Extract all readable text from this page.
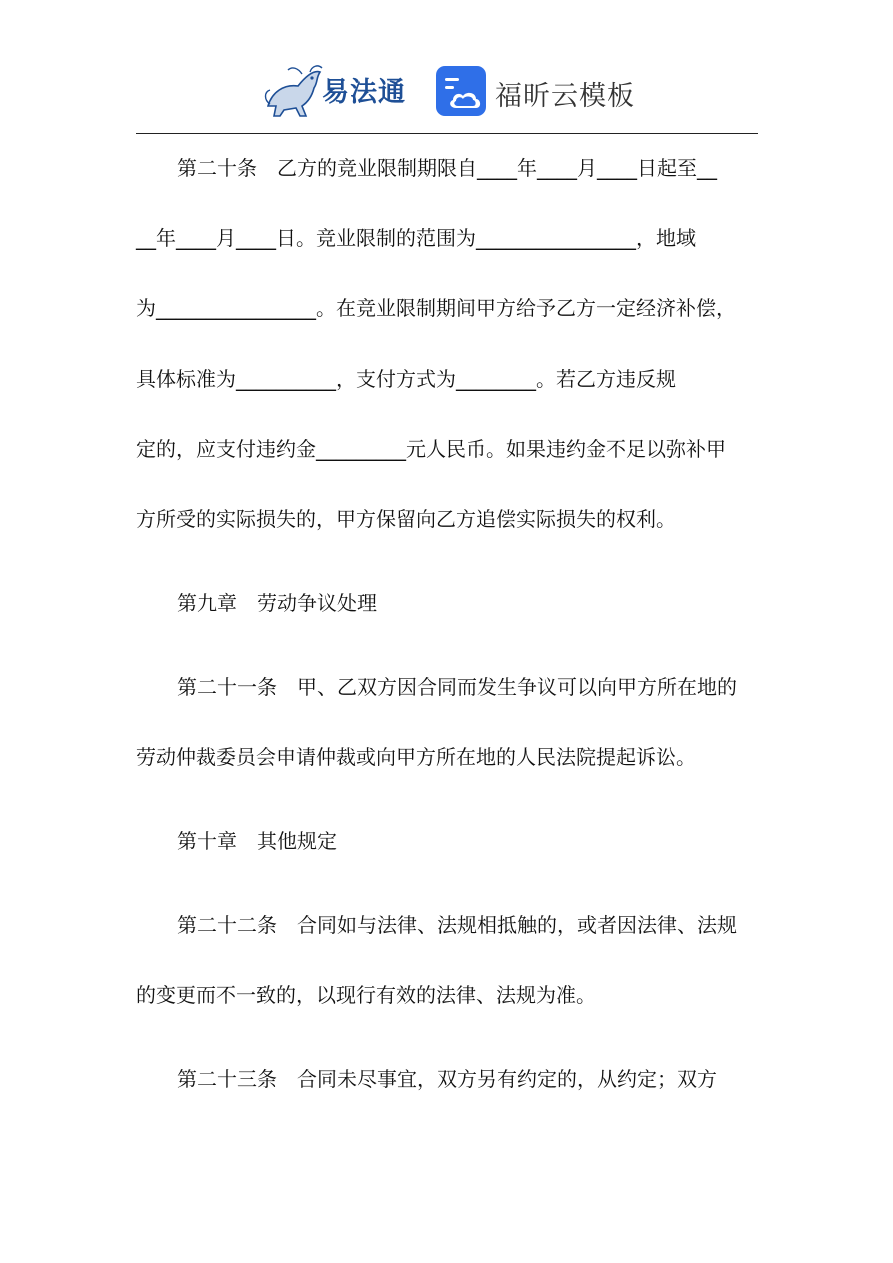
易法通	福昕云模板
第二十条　乙方的竞业限制期限自____年____月____日起至__
__年____月____日。竞业限制的范围为________________，地域
为________________。在竞业限制期间甲方给予乙方一定经济补偿，
具体标准为__________，支付方式为________。若乙方违反规
定的，应支付违约金_________元人民币。如果违约金不足以弥补甲
方所受的实际损失的，甲方保留向乙方追偿实际损失的权利。
第九章　劳动争议处理
第二十一条　甲、乙双方因合同而发生争议可以向甲方所在地的
劳动仲裁委员会申请仲裁或向甲方所在地的人民法院提起诉讼。
第十章　其他规定
第二十二条　合同如与法律、法规相抵触的，或者因法律、法规
的变更而不一致的，以现行有效的法律、法规为准。
第二十三条　合同未尽事宜，双方另有约定的，从约定；双方
